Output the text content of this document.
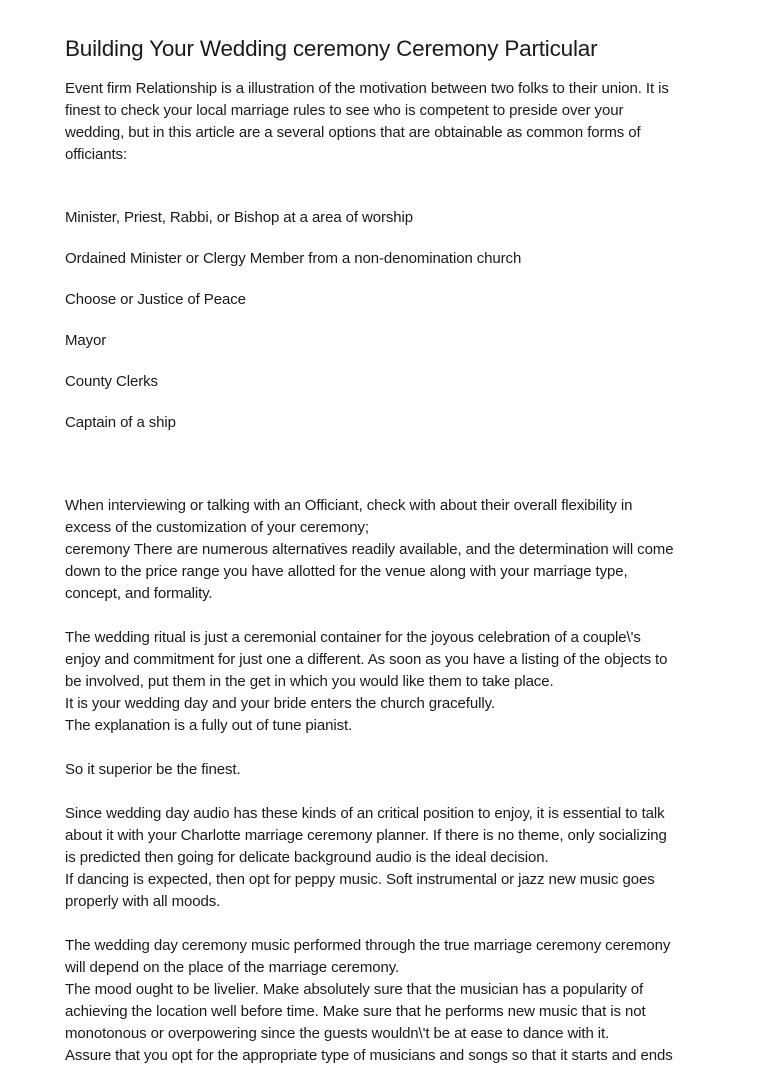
Building Your Wedding ceremony Ceremony Particular

Event firm Relationship is a illustration of the motivation between two folks to their union. It is
finest to check your local marriage rules to see who is competent to preside over your
wedding, but in this article are a several options that are obtainable as common forms of
officiants:

Minister, Priest, Rabbi, or Bishop at a area of worship

Ordained Minister or Clergy Member from a non-denomination church

Choose or Justice of Peace

Mayor

County Clerks

Captain of a ship

When interviewing or talking with an Officiant, check with about their overall flexibility in
excess of the customization of your ceremony;
ceremony There are numerous alternatives readily available, and the determination will come
down to the price range you have allotted for the venue along with your marriage type,
concept, and formality.

The wedding ritual is just a ceremonial container for the joyous celebration of a couple\'s
enjoy and commitment for just one a different. As soon as you have a listing of the objects to
be involved, put them in the get in which you would like them to take place.
It is your wedding day and your bride enters the church gracefully.
The explanation is a fully out of tune pianist.

So it superior be the finest.

Since wedding day audio has these kinds of an critical position to enjoy, it is essential to talk
about it with your Charlotte marriage ceremony planner. If there is no theme, only socializing
is predicted then going for delicate background audio is the ideal decision.
If dancing is expected, then opt for peppy music. Soft instrumental or jazz new music goes
properly with all moods.

The wedding day ceremony music performed through the true marriage ceremony ceremony
will depend on the place of the marriage ceremony.
The mood ought to be livelier. Make absolutely sure that the musician has a popularity of
achieving the location well before time. Make sure that he performs new music that is not
monotonous or overpowering since the guests wouldn\'t be at ease to dance with it.
Assure that you opt for the appropriate type of musicians and songs so that it starts and ends
